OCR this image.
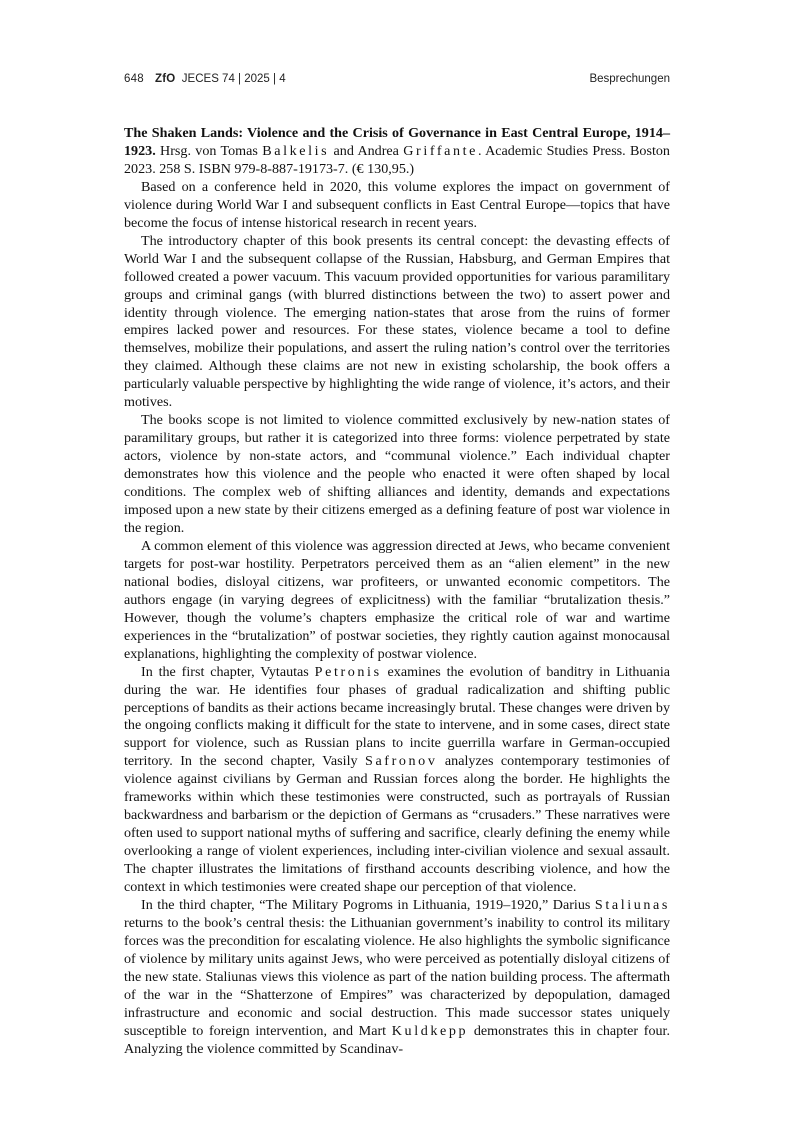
648 ZfO JECES 74 | 2025 | 4	Besprechungen

The Shaken Lands: Violence and the Crisis of Governance in East Central Europe, 1914–1923. Hrsg. von Tomas Balkelis and Andrea Griffante. Academic Studies Press. Boston 2023. 258 S. ISBN 979-8-887-19173-7. (€ 130,95.)

Based on a conference held in 2020, this volume explores the impact on government of violence during World War I and subsequent conflicts in East Central Europe—topics that have become the focus of intense historical research in recent years.

The introductory chapter of this book presents its central concept: the devasting effects of World War I and the subsequent collapse of the Russian, Habsburg, and German Empires that followed created a power vacuum. This vacuum provided opportunities for various paramilitary groups and criminal gangs (with blurred distinctions between the two) to assert power and identity through violence. The emerging nation-states that arose from the ruins of former empires lacked power and resources. For these states, violence became a tool to define themselves, mobilize their populations, and assert the ruling nation’s control over the territories they claimed. Although these claims are not new in existing scholarship, the book offers a particularly valuable perspective by highlighting the wide range of violence, it’s actors, and their motives.

The books scope is not limited to violence committed exclusively by new-nation states of paramilitary groups, but rather it is categorized into three forms: violence perpetrated by state actors, violence by non-state actors, and “communal violence.” Each individual chapter demonstrates how this violence and the people who enacted it were often shaped by local conditions. The complex web of shifting alliances and identity, demands and expectations imposed upon a new state by their citizens emerged as a defining feature of post war violence in the region.

A common element of this violence was aggression directed at Jews, who became convenient targets for post-war hostility. Perpetrators perceived them as an “alien element” in the new national bodies, disloyal citizens, war profiteers, or unwanted economic competitors. The authors engage (in varying degrees of explicitness) with the familiar “brutalization thesis.” However, though the volume’s chapters emphasize the critical role of war and wartime experiences in the “brutalization” of postwar societies, they rightly caution against monocausal explanations, highlighting the complexity of postwar violence.

In the first chapter, Vytautas Petronis examines the evolution of banditry in Lithuania during the war. He identifies four phases of gradual radicalization and shifting public perceptions of bandits as their actions became increasingly brutal. These changes were driven by the ongoing conflicts making it difficult for the state to intervene, and in some cases, direct state support for violence, such as Russian plans to incite guerrilla warfare in German-occupied territory. In the second chapter, Vasily Safronov analyzes contemporary testimonies of violence against civilians by German and Russian forces along the border. He highlights the frameworks within which these testimonies were constructed, such as portrayals of Russian backwardness and barbarism or the depiction of Germans as “crusaders.” These narratives were often used to support national myths of suffering and sacrifice, clearly defining the enemy while overlooking a range of violent experiences, including inter-civilian violence and sexual assault. The chapter illustrates the limitations of firsthand accounts describing violence, and how the context in which testimonies were created shape our perception of that violence.

In the third chapter, “The Military Pogroms in Lithuania, 1919–1920,” Darius Staliunas returns to the book’s central thesis: the Lithuanian government’s inability to control its military forces was the precondition for escalating violence. He also highlights the symbolic significance of violence by military units against Jews, who were perceived as potentially disloyal citizens of the new state. Staliunas views this violence as part of the nation building process. The aftermath of the war in the “Shatterzone of Empires” was characterized by depopulation, damaged infrastructure and economic and social destruction. This made successor states uniquely susceptible to foreign intervention, and Mart Kuldkepp demonstrates this in chapter four. Analyzing the violence committed by Scandinav-
